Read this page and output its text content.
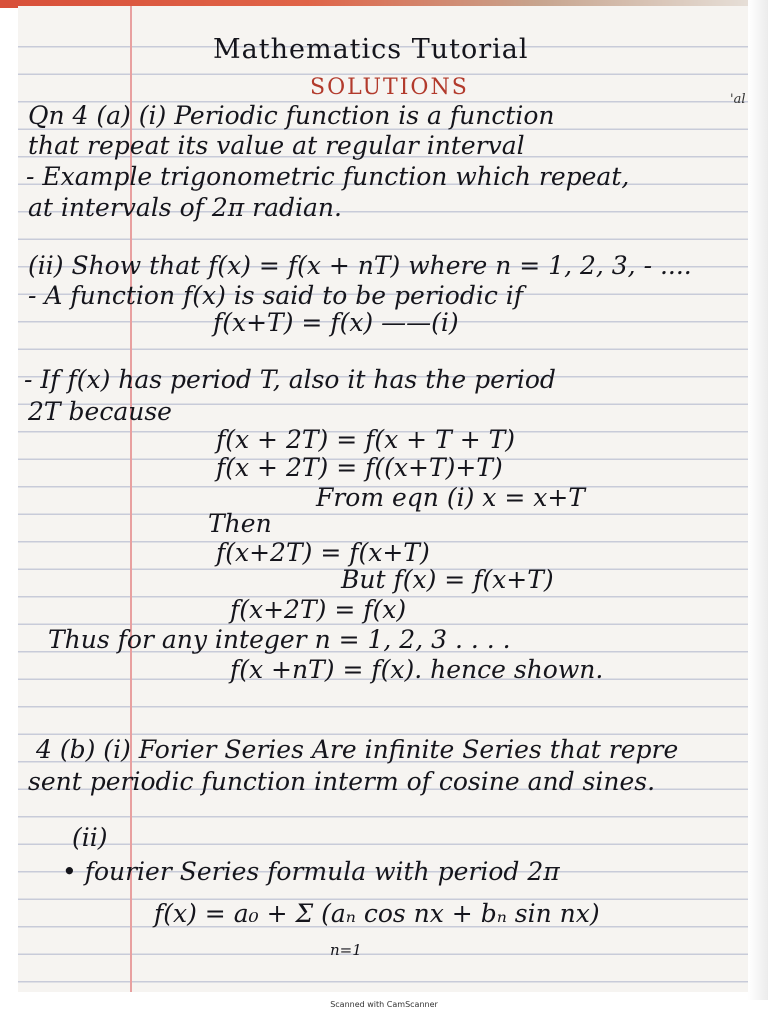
Mathematics Tutorial
SOLUTIONS	'al
Qn 4 (a) (i) Periodic function is a function
that repeat its value at regular interval
- Example trigonometric function which repeat,
at intervals of 2π radian.
(ii) Show that f(x) = f(x + nT) where n = 1, 2, 3, - ....
- A function f(x) is said to be periodic if
f(x+T) = f(x) ——(i)
- If f(x) has period T, also it has the period
2T because
f(x + 2T) = f(x + T + T)
f(x + 2T) = f((x+T)+T)
From eqn (i) x = x+T
Then
f(x+2T) = f(x+T)
But f(x) = f(x+T)
f(x+2T) = f(x)
Thus for any integer n = 1, 2, 3 . . . .
f(x +nT) = f(x). hence shown.
4 (b) (i) Forier Series Are infinite Series that repre
sent periodic function interm of cosine and sines.
(ii)
• fourier Series formula with period 2π
f(x) = a₀ + Σ (aₙ cos nx + bₙ sin nx)
n=1
Scanned with CamScanner
